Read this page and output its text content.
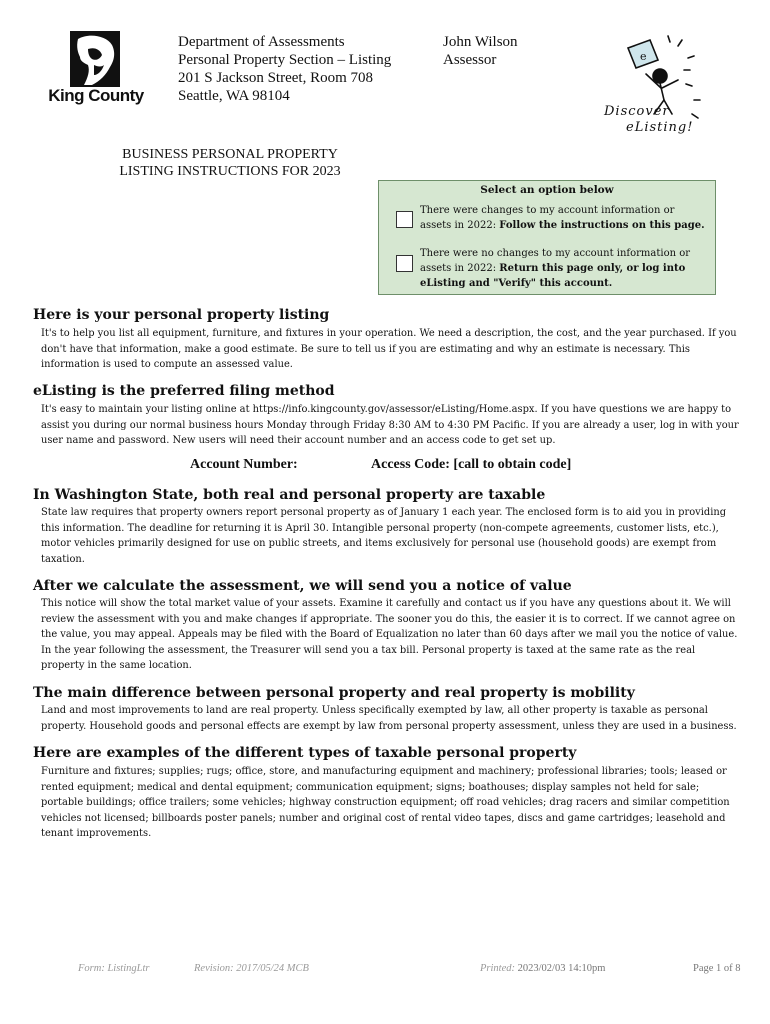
King County
Department of Assessments
Personal Property Section – Listing
201 S Jackson Street, Room 708
Seattle, WA 98104
John Wilson
Assessor	e
Discover
eListing!
BUSINESS PERSONAL PROPERTY
LISTING INSTRUCTIONS FOR 2023
Select an option below
There were changes to my account information or assets in 2022: Follow the instructions on this page.
There were no changes to my account information or assets in 2022: Return this page only, or log into eListing and "Verify" this account.
Here is your personal property listing
It's to help you list all equipment, furniture, and fixtures in your operation. We need a description, the cost, and the year purchased. If you don't have that information, make a good estimate. Be sure to tell us if you are estimating and why an estimate is necessary. This information is used to compute an assessed value.
eListing is the preferred filing method
It's easy to maintain your listing online at https://info.kingcounty.gov/assessor/eListing/Home.aspx. If you have questions we are happy to assist you during our normal business hours Monday through Friday 8:30 AM to 4:30 PM Pacific. If you are already a user, log in with your user name and password. New users will need their account number and an access code to get set up.
Account Number:	Access Code: [call to obtain code]
In Washington State, both real and personal property are taxable
State law requires that property owners report personal property as of January 1 each year. The enclosed form is to aid you in providing this information. The deadline for returning it is April 30. Intangible personal property (non-compete agreements, customer lists, etc.), motor vehicles primarily designed for use on public streets, and items exclusively for personal use (household goods) are exempt from taxation.
After we calculate the assessment, we will send you a notice of value
This notice will show the total market value of your assets. Examine it carefully and contact us if you have any questions about it. We will review the assessment with you and make changes if appropriate. The sooner you do this, the easier it is to correct. If we cannot agree on the value, you may appeal. Appeals may be filed with the Board of Equalization no later than 60 days after we mail you the notice of value. In the year following the assessment, the Treasurer will send you a tax bill. Personal property is taxed at the same rate as the real property in the same location.
The main difference between personal property and real property is mobility
Land and most improvements to land are real property. Unless specifically exempted by law, all other property is taxable as personal property. Household goods and personal effects are exempt by law from personal property assessment, unless they are used in a business.
Here are examples of the different types of taxable personal property
Furniture and fixtures; supplies; rugs; office, store, and manufacturing equipment and machinery; professional libraries; tools; leased or rented equipment; medical and dental equipment; communication equipment; signs; boathouses; display samples not held for sale; portable buildings; office trailers; some vehicles; highway construction equipment; off road vehicles; drag racers and similar competition vehicles not licensed; billboards poster panels; number and original cost of rental video tapes, discs and game cartridges; leasehold and tenant improvements.
Form: ListingLtr	Revision: 2017/05/24 MCB	Printed: 2023/02/03 14:10pm	Page 1 of 8
